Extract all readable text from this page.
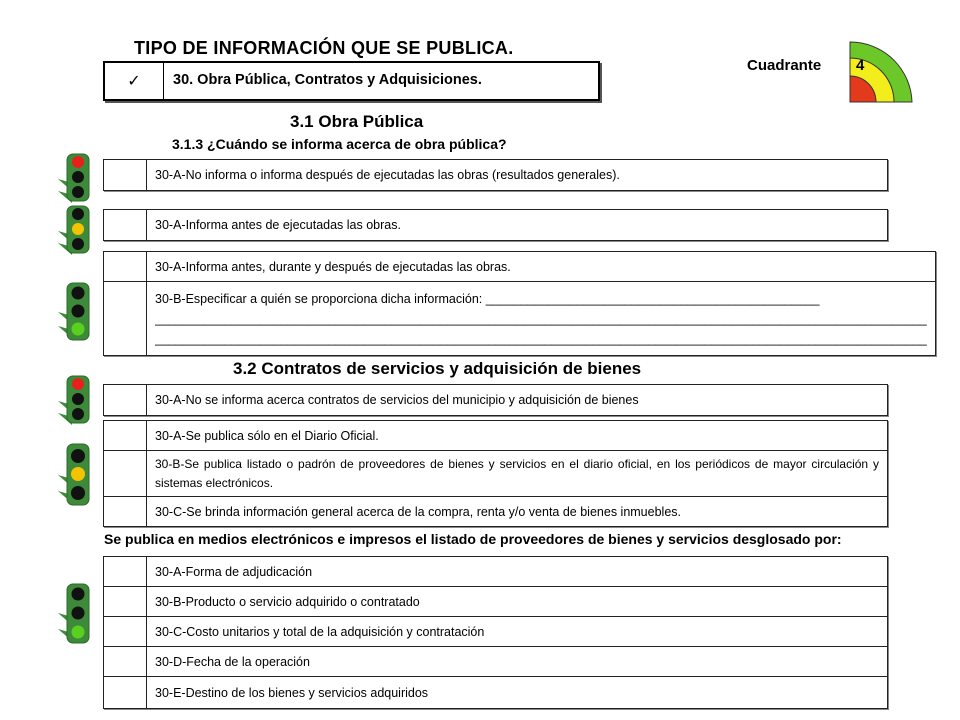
TIPO DE INFORMACIÓN QUE SE PUBLICA.
✓	30. Obra Pública, Contratos y Adquisiciones.
Cuadrante 4
3.1 Obra Pública
3.1.3 ¿Cuándo se informa acerca de obra pública?
	30-A-No informa o informa después de ejecutadas las obras (resultados generales).
	30-A-Informa antes de ejecutadas las obras.
	30-A-Informa antes, durante y después de ejecutadas las obras.

	30-B-Especificar a quién se proporciona dicha información: ________________________________________________
_______________________________________________________________________________________________________________
_______________________________________________________________________________________________________________
3.2 Contratos de servicios y adquisición de bienes
	30-A-No se informa acerca contratos de servicios del municipio y adquisición de bienes
	30-A-Se publica sólo en el Diario Oficial.
	30-B-Se publica listado o padrón de proveedores de bienes y servicios en el diario oficial, en los periódicos de mayor circulación y sistemas electrónicos.
	30-C-Se brinda información general acerca de la compra, renta y/o venta de bienes inmuebles.
Se publica en medios electrónicos e impresos el listado de proveedores de bienes y servicios desglosado por:
	30-A-Forma de adjudicación
	30-B-Producto o servicio adquirido o contratado
	30-C-Costo unitarios y total de la adquisición y contratación
	30-D-Fecha de la operación
	30-E-Destino de los bienes y servicios adquiridos
